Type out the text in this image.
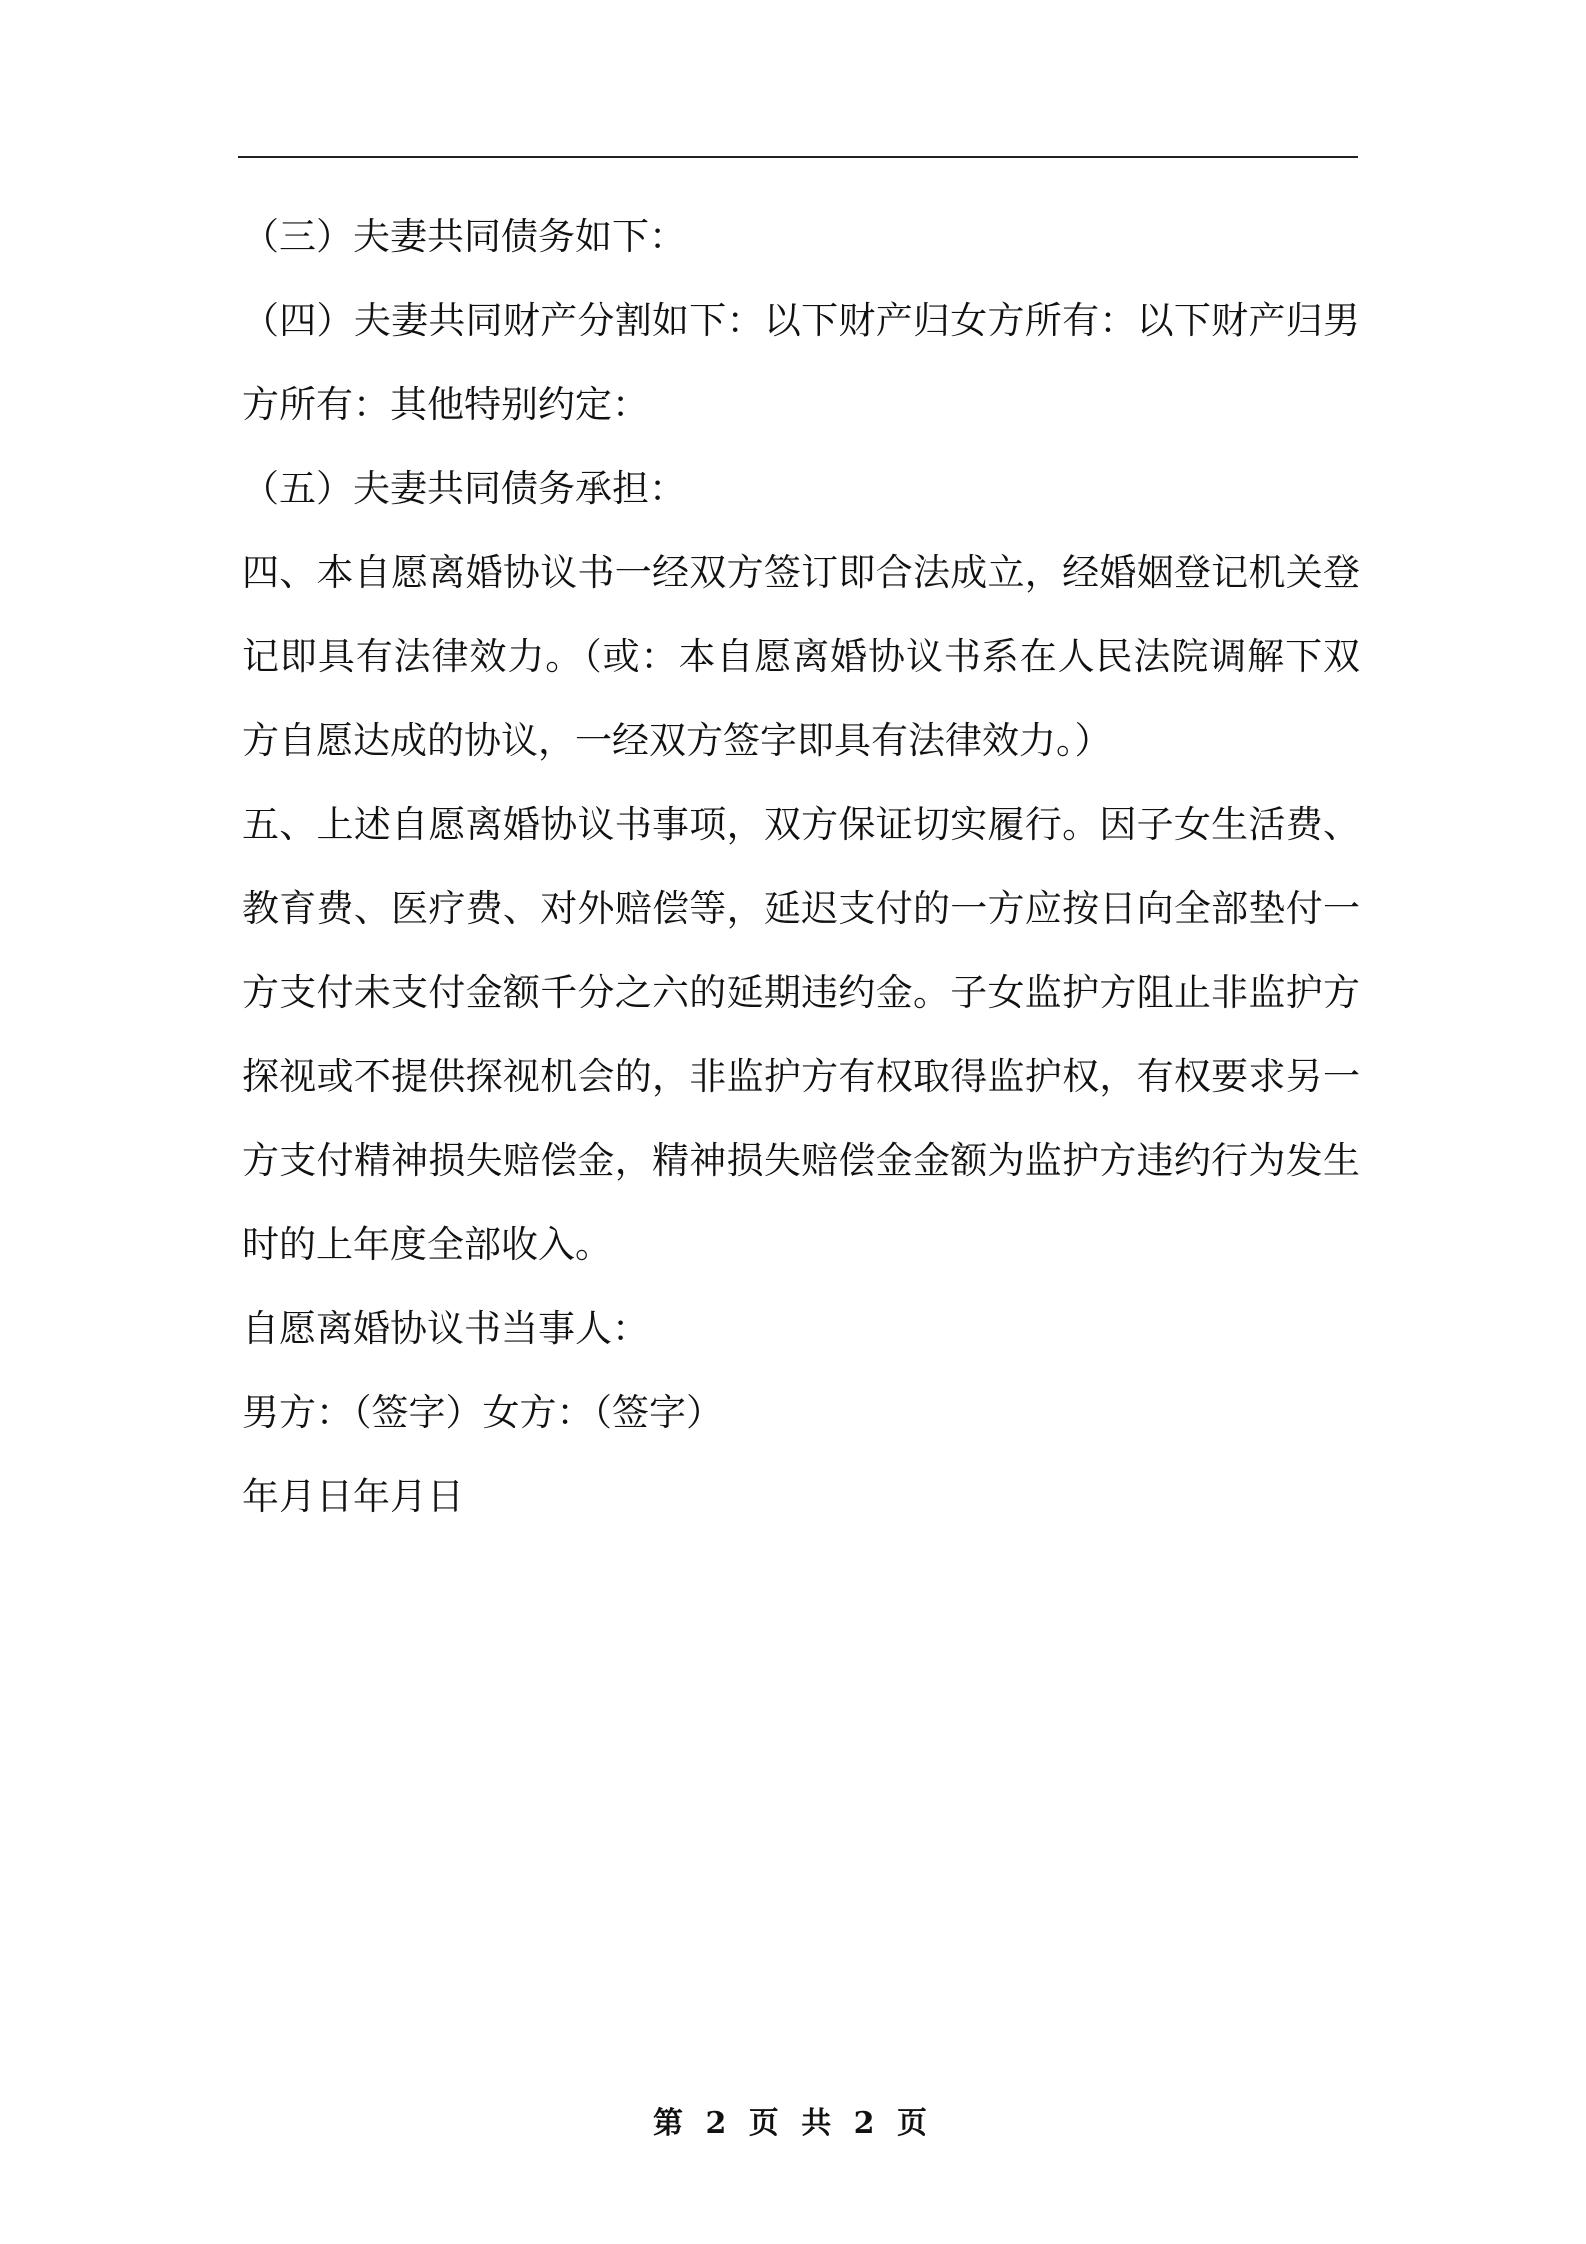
（三）夫妻共同债务如下：

（四）夫妻共同财产分割如下：以下财产归女方所有：以下财产归男方所有：其他特别约定：

（五）夫妻共同债务承担：

四、本自愿离婚协议书一经双方签订即合法成立，经婚姻登记机关登记即具有法律效力。（或：本自愿离婚协议书系在人民法院调解下双方自愿达成的协议，一经双方签字即具有法律效力。）

五、上述自愿离婚协议书事项，双方保证切实履行。因子女生活费、教育费、医疗费、对外赔偿等，延迟支付的一方应按日向全部垫付一方支付未支付金额千分之六的延期违约金。子女监护方阻止非监护方探视或不提供探视机会的，非监护方有权取得监护权，有权要求另一方支付精神损失赔偿金，精神损失赔偿金金额为监护方违约行为发生时的上年度全部收入。

自愿离婚协议书当事人：

男方：（签字）女方：（签字）

年月日年月日

第 2 页 共 2 页
